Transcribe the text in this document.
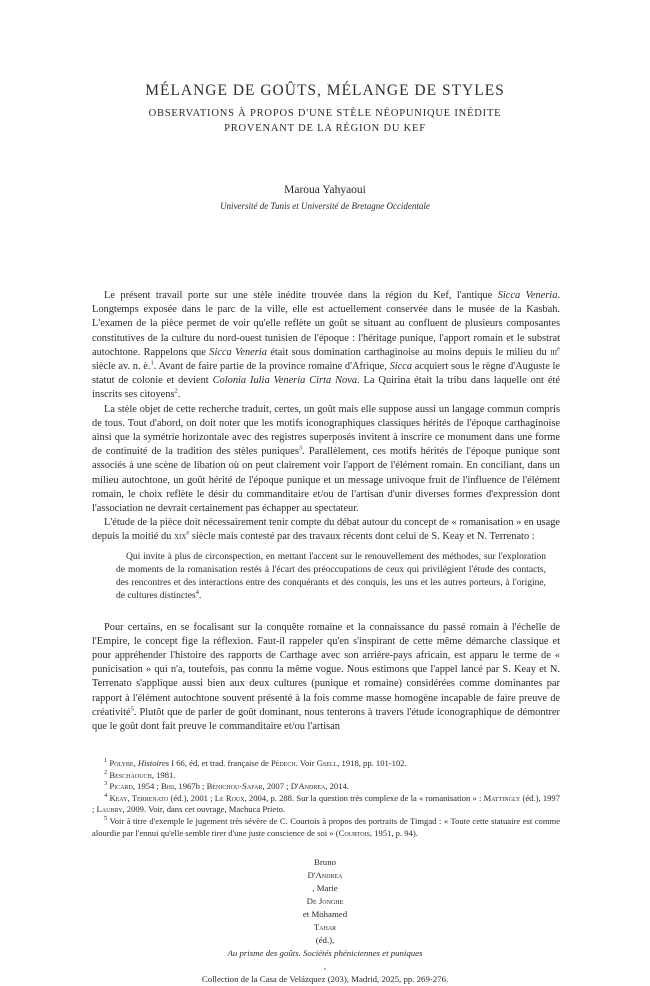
MÉLANGE DE GOÛTS, MÉLANGE DE STYLES
OBSERVATIONS À PROPOS D'UNE STÈLE NÉOPUNIQUE INÉDITE
PROVENANT DE LA RÉGION DU KEF
Maroua Yahyaoui
Université de Tunis et Université de Bretagne Occidentale

Le présent travail porte sur une stèle inédite trouvée dans la région du Kef, l'antique Sicca Veneria. Longtemps exposée dans le parc de la ville, elle est actuellement conservée dans le musée de la Kasbah. L'examen de la pièce permet de voir qu'elle reflète un goût se situant au confluent de plusieurs composantes constitutives de la culture du nord-ouest tunisien de l'époque : l'héritage punique, l'apport romain et le substrat autochtone. Rappelons que Sicca Veneria était sous domination carthaginoise au moins depuis le milieu du iii$^e$ siècle av. n. è.$^1$. Avant de faire partie de la province romaine d'Afrique, Sicca acquiert sous le règne d'Auguste le statut de colonie et devient Colonia Iulia Veneria Cirta Nova. La Quirina était la tribu dans laquelle ont été inscrits ses citoyens$^2$.

La stèle objet de cette recherche traduit, certes, un goût mais elle suppose aussi un langage commun compris de tous. Tout d'abord, on doit noter que les motifs iconographiques classiques hérités de l'époque carthaginoise ainsi que la symétrie horizontale avec des registres superposés invitent à inscrire ce monument dans une forme de continuité de la tradition des stèles puniques$^3$. Parallèlement, ces motifs hérités de l'époque punique sont associés à une scène de libation où on peut clairement voir l'apport de l'élément romain. En conciliant, dans un milieu autochtone, un goût hérité de l'époque punique et un message univoque fruit de l'influence de l'élément romain, le choix reflète le désir du commanditaire et/ou de l'artisan d'unir diverses formes d'expression dont l'association ne devrait certainement pas échapper au spectateur.

L'étude de la pièce doit nécessairement tenir compte du débat autour du concept de « romanisation » en usage depuis la moitié du xix$^e$ siècle mais contesté par des travaux récents dont celui de S. Keay et N. Terrenato :

Qui invite à plus de circonspection, en mettant l'accent sur le renouvellement des méthodes, sur l'exploration de moments de la romanisation restés à l'écart des préoccupations de ceux qui privilégient l'étude des contacts, des rencontres et des interactions entre des conquérants et des conquis, les uns et les autres porteurs, à l'origine, de cultures distinctes$^4$.

Pour certains, en se focalisant sur la conquête romaine et la connaissance du passé romain à l'échelle de l'Empire, le concept fige la réflexion. Faut-il rappeler qu'en s'inspirant de cette même démarche classique et pour appréhender l'histoire des rapports de Carthage avec son arrière-pays africain, est apparu le terme de « punicisation » qui n'a, toutefois, pas connu la même vogue. Nous estimons que l'appel lancé par S. Keay et N. Terrenato s'applique aussi bien aux deux cultures (punique et romaine) considérées comme dominantes par rapport à l'élément autochtone souvent présenté à la fois comme masse homogène incapable de faire preuve de créativité$^5$. Plutôt que de parler de goût dominant, nous tenterons à travers l'étude iconographique de démontrer que le goût dont fait preuve le commanditaire et/ou l'artisan

$^1$ Polybe, Histoires I 66, éd. et trad. française de Pédech. Voir Gsell, 1918, pp. 101-102.

$^2$ Beschaouch, 1981.

$^3$ Picard, 1954 ; Bisi, 1967b ; Bénichou-Safar, 2007 ; D'Andrea, 2014.

$^4$ Keay, Terrenato (éd.), 2001 ; Le Roux, 2004, p. 288. Sur la question très complexe de la « romanisation » : Mattingly (éd.), 1997 ; Laubry, 2009. Voir, dans cet ouvrage, Machuca Prieto.

$^5$ Voir à titre d'exemple le jugement très sévère de C. Courtois à propos des portraits de Timgad : « Toute cette statuaire est comme alourdie par l'ennui qu'elle semble tirer d'une juste conscience de soi » (Courtois, 1951, p. 94).

Bruno
D'Andrea
, Marie
De Jonghe
et Mohamed
Tahar
(éd.),
Au prisme des goûts. Sociétés phéniciennes et puniques
,
Collection de la Casa de Velázquez (203), Madrid, 2025, pp. 269-276.
